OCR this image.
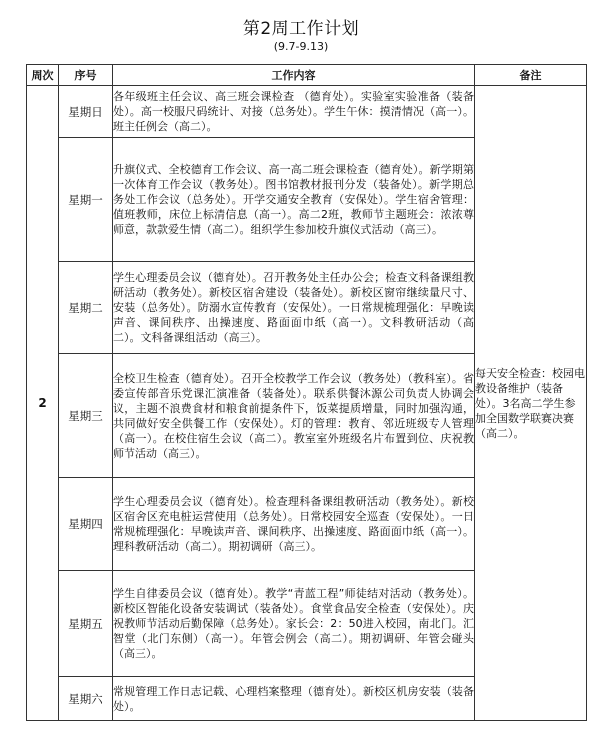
第2周工作计划
(9.7-9.13)
周次	序号	工作内容	备注
2	星期日	各年级班主任会议、高三班会课检查 （德育处）。实验室实验准备（装备处）。高一校服尺码统计、对接（总务处）。学生午休：摸清情况（高一）。班主任例会（高二）。	每天安全检查：校园电教设备维护（装备处）。3名高二学生参加全国数学联赛决赛（高二）。
	星期一	升旗仪式、全校德育工作会议、高一高二班会课检查（德育处）。新学期第一次体育工作会议（教务处）。图书馆教材报刊分发（装备处）。新学期总务处工作会议（总务处）。开学交通安全教育（安保处）。学生宿舍管理：值班教师，床位上标清信息（高一）。高二2班，教师节主题班会：浓浓尊师意，款款爱生情（高二）。组织学生参加校升旗仪式活动（高三）。	
	星期二	学生心理委员会议（德育处）。召开教务处主任办公会；检查文科备课组教研活动（教务处）。新校区宿舍建设（装备处）。新校区窗帘继续量尺寸、安装（总务处）。防溺水宣传教育（安保处）。一日常规梳理强化：早晚读声音、课间秩序、出操速度、路面面巾纸（高一）。文科教研活动（高二）。文科备课组活动（高三）。	
	星期三	全校卫生检查（德育处）。召开全校教学工作会议（教务处）（教科室）。省委宣传部音乐党课汇演准备（装备处）。联系供餐沐源公司负责人协调会议，主题不浪费食材和粮食前提条件下，饭菜提质增量，同时加强沟通，共同做好安全供餐工作（安保处）。灯的管理：教育、邻近班级专人管理（高一）。在校住宿生会议（高二）。教室室外班级名片布置到位、庆祝教师节活动（高三）。	
	星期四	学生心理委员会议（德育处）。检查理科备课组教研活动（教务处）。新校区宿舍区充电桩运营使用（总务处）。日常校园安全巡查（安保处）。一日常规梳理强化：早晚读声音、课间秩序、出操速度、路面面巾纸（高一）。理科教研活动（高二）。期初调研（高三）。	
	星期五	学生自律委员会议（德育处）。教学“青蓝工程”师徒结对活动（教务处）。新校区智能化设备安装调试（装备处）。食堂食品安全检查（安保处）。庆祝教师节活动后勤保障（总务处）。家长会：2：50进入校园，南北门。汇智堂（北门东侧）（高一）。年管会例会（高二）。期初调研、年管会碰头（高三）。	
	星期六	常规管理工作日志记载、心理档案整理（德育处）。新校区机房安装（装备处）。	
